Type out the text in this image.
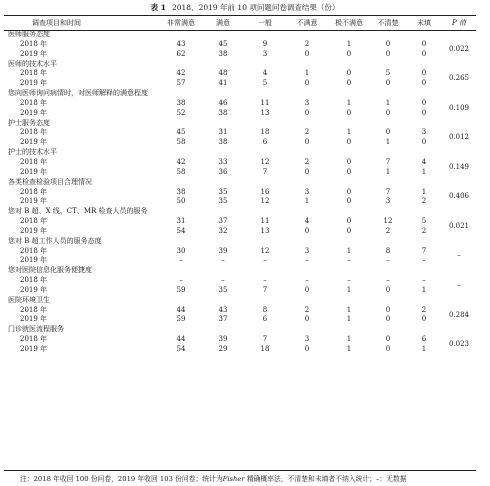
表 1 2018、2019 年前 10 项问题问卷调查结果（份）
调查项目和时间	非常满意	满意	一般	不满意	极不满意	不清楚	未填	P 值
医师服务态度								
2018 年	43	45	9	2	1	0	0	0.022
2019 年	62	38	3	0	0	0	0	
医师的技术水平								
2018 年	42	48	4	1	0	5	0	0.265
2019 年	57	41	5	0	0	0	0	
您向医师询问病情时，对医师解释的满意程度								
2018 年	38	46	11	3	1	1	0	0.109
2019 年	52	38	13	0	0	0	0	
护士服务态度								
2018 年	45	31	18	2	1	0	3	0.012
2019 年	58	38	6	0	0	1	0	
护士的技术水平								
2018 年	42	33	12	2	0	7	4	0.149
2019 年	58	36	7	0	0	1	1	
各类检查检验项目合理情况								
2018 年	38	35	16	3	0	7	1	0.406
2019 年	50	35	12	1	0	3	2	
您对 B 超、X 线、CT、MR 检查人员的服务								
2018 年	31	37	11	4	0	12	5	0.021
2019 年	54	32	13	0	0	2	2	
您对 B 超工作人员的服务态度								
2018 年	30	39	12	3	1	8	7	–
2019 年	–	–	–	–	–	–	–	
您对医院信息化服务便捷度								
2018 年	–	–	–	–	–	–	–	–
2019 年	59	35	7	0	1	0	1	
医院环境卫生								
2018 年	44	43	8	2	1	0	2	0.284
2019 年	59	37	6	0	1	0	0	
门诊就医流程服务								
2018 年	44	39	7	3	1	0	6	0.023
2019 年	54	29	18	0	1	0	1	
注：2018 年收回 100 份问卷，2019 年收回 103 份问卷；统计为Fisher 精确概率法，不清楚和未填者不纳入统计；–：无数据
